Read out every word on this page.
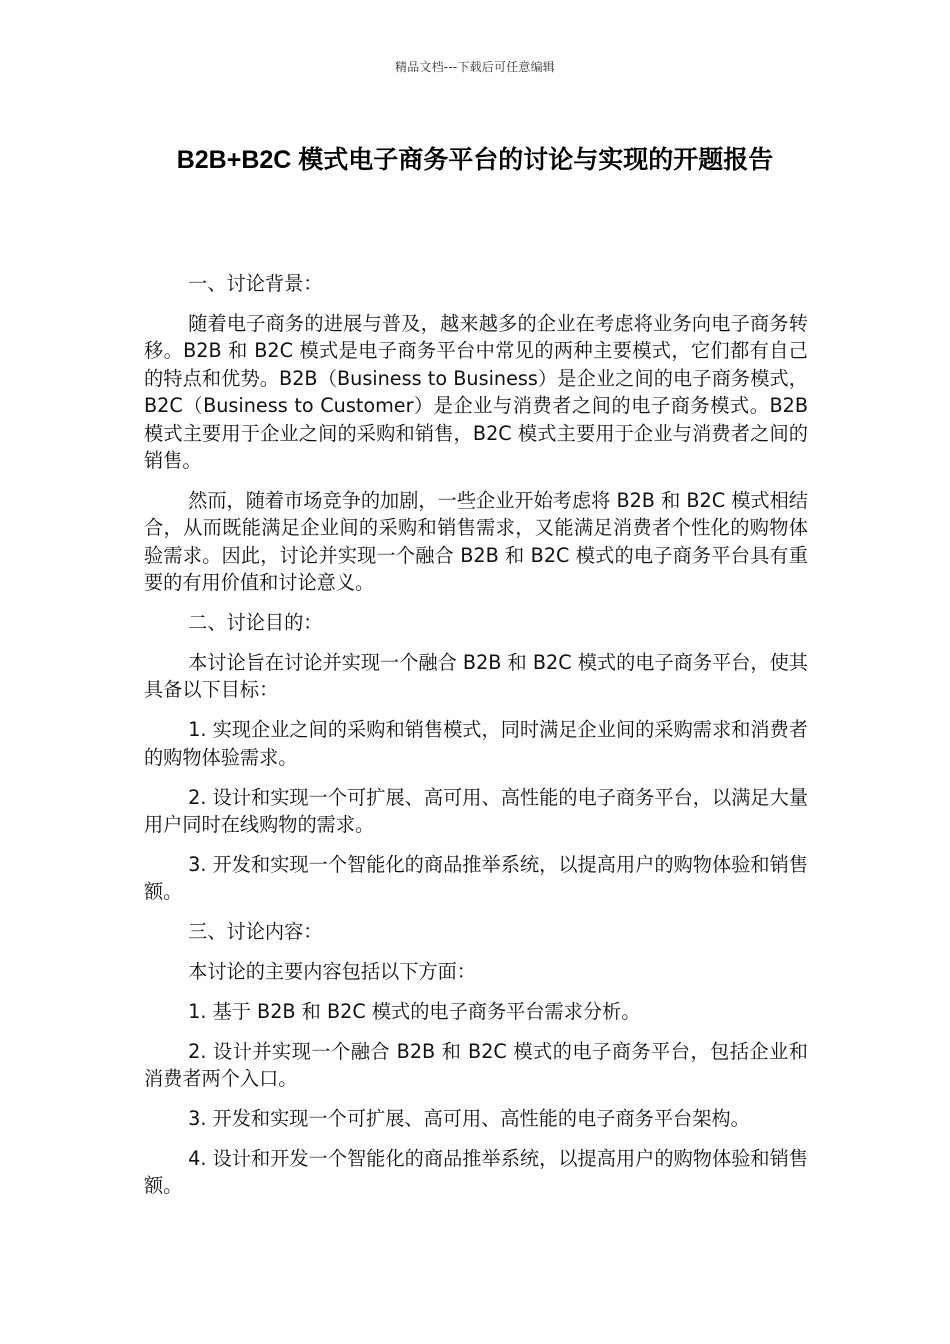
精品文档---下载后可任意编辑
B2B+B2C 模式电子商务平台的讨论与实现的开题报告

一、讨论背景：

随着电子商务的进展与普及，越来越多的企业在考虑将业务向电子商务转移。B2B 和 B2C 模式是电子商务平台中常见的两种主要模式，它们都有自己的特点和优势。B2B（Business to Business）是企业之间的电子商务模式，B2C（Business to Customer）是企业与消费者之间的电子商务模式。B2B 模式主要用于企业之间的采购和销售，B2C 模式主要用于企业与消费者之间的销售。

然而，随着市场竞争的加剧，一些企业开始考虑将 B2B 和 B2C 模式相结合，从而既能满足企业间的采购和销售需求，又能满足消费者个性化的购物体验需求。因此，讨论并实现一个融合 B2B 和 B2C 模式的电子商务平台具有重要的有用价值和讨论意义。

二、讨论目的：

本讨论旨在讨论并实现一个融合 B2B 和 B2C 模式的电子商务平台，使其具备以下目标：

1. 实现企业之间的采购和销售模式，同时满足企业间的采购需求和消费者的购物体验需求。

2. 设计和实现一个可扩展、高可用、高性能的电子商务平台，以满足大量用户同时在线购物的需求。

3. 开发和实现一个智能化的商品推举系统，以提高用户的购物体验和销售额。

三、讨论内容：

本讨论的主要内容包括以下方面：

1. 基于 B2B 和 B2C 模式的电子商务平台需求分析。

2. 设计并实现一个融合 B2B 和 B2C 模式的电子商务平台，包括企业和消费者两个入口。

3. 开发和实现一个可扩展、高可用、高性能的电子商务平台架构。

4. 设计和开发一个智能化的商品推举系统，以提高用户的购物体验和销售额。
